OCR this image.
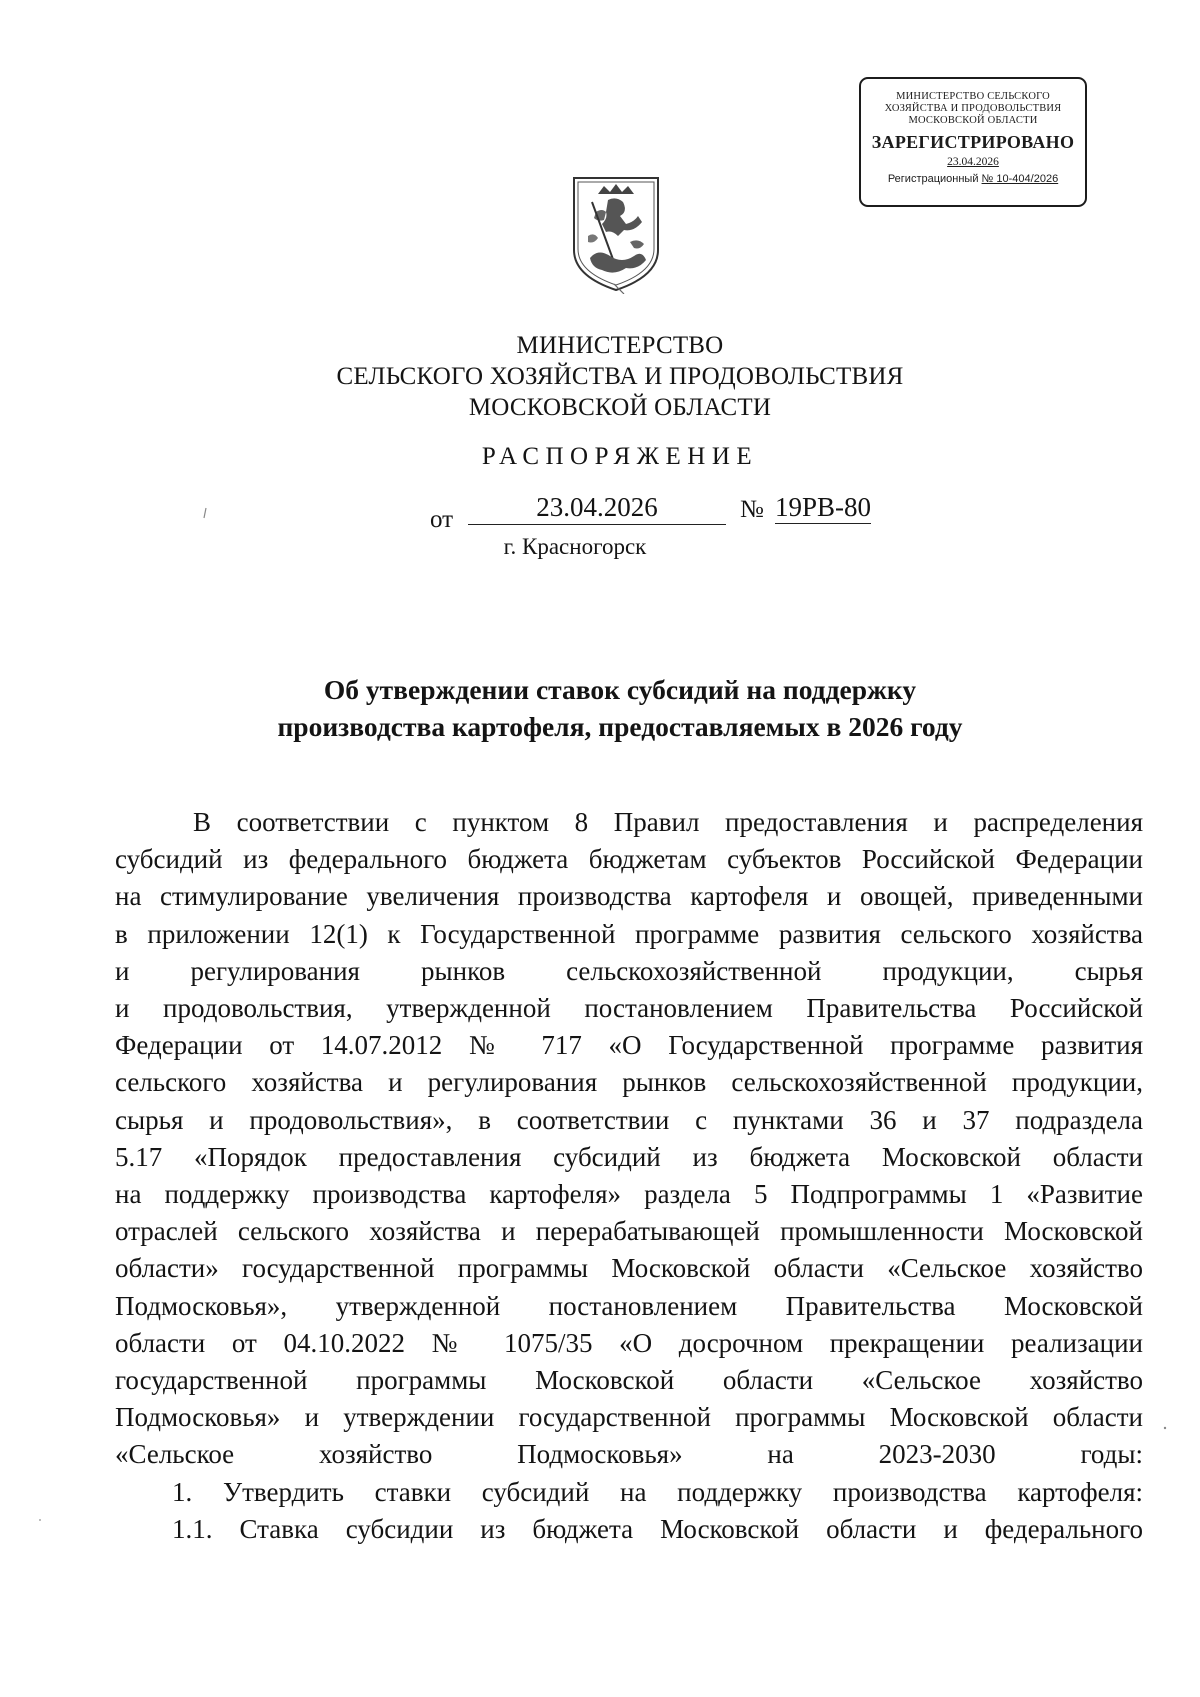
МИНИСТЕРСТВО СЕЛЬСКОГО
ХОЗЯЙСТВА И ПРОДОВОЛЬСТВИЯ
МОСКОВСКОЙ ОБЛАСТИ
ЗАРЕГИСТРИРОВАНО
23.04.2026
Регистрационный № 10-404/2026
МИНИСТЕРСТВО
СЕЛЬСКОГО ХОЗЯЙСТВА И ПРОДОВОЛЬСТВИЯ
МОСКОВСКОЙ ОБЛАСТИ
РАСПОРЯЖЕНИЕ
от	23.04.2026	№ 19РВ-80
г. Красногорск
Об утверждении ставок субсидий на поддержку
производства картофеля, предоставляемых в 2026 году
В соответствии с пунктом 8 Правил предоставления и распределения
субсидий из федерального бюджета бюджетам субъектов Российской Федерации
на стимулирование увеличения производства картофеля и овощей, приведенными
в приложении 12(1) к Государственной программе развития сельского хозяйства
и регулирования рынков сельскохозяйственной продукции, сырья
и продовольствия, утвержденной постановлением Правительства Российской
Федерации от 14.07.2012 № 717 «О Государственной программе развития
сельского хозяйства и регулирования рынков сельскохозяйственной продукции,
сырья и продовольствия», в соответствии с пунктами 36 и 37 подраздела
5.17 «Порядок предоставления субсидий из бюджета Московской области
на поддержку производства картофеля» раздела 5 Подпрограммы 1 «Развитие
отраслей сельского хозяйства и перерабатывающей промышленности Московской
области» государственной программы Московской области «Сельское хозяйство
Подмосковья», утвержденной постановлением Правительства Московской
области от 04.10.2022 № 1075/35 «О досрочном прекращении реализации
государственной программы Московской области «Сельское хозяйство
Подмосковья» и утверждении государственной программы Московской области
«Сельское хозяйство Подмосковья» на 2023-2030 годы:
1. Утвердить ставки субсидий на поддержку производства картофеля:
1.1. Ставка субсидии из бюджета Московской области и федерального
